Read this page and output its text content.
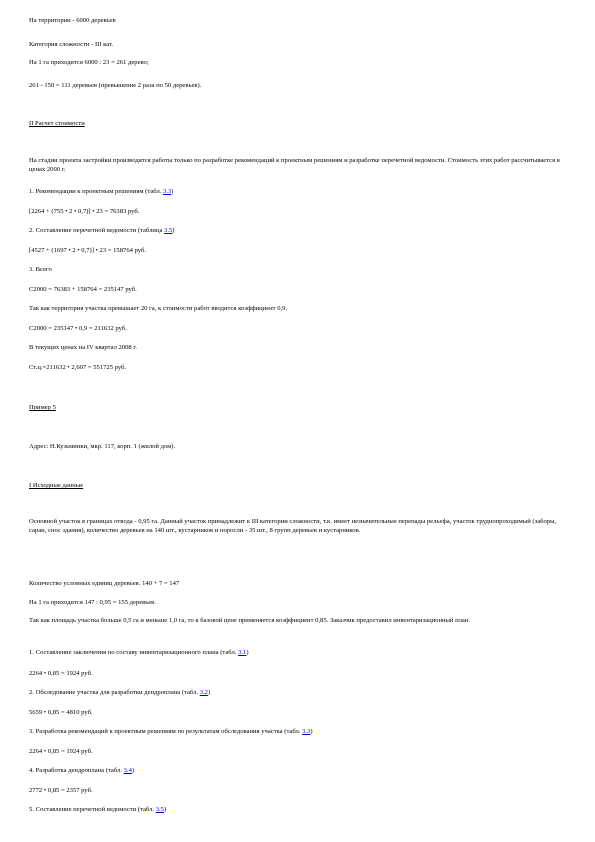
На территории - 6000 деревьев
Категория сложности - III кат.
На 1 га приходится 6000 : 23 = 261 дерево;
261 - 150 = 111 деревьев (превышение 2 раза по 50 деревьев).
II Расчет стоимости
На стадии проекта застройки производятся работы только по разработке рекомендаций к проектным решениям и разработке перечетной ведомости. Стоимость этих работ рассчитывается в ценах 2000 г.
1. Рекомендации к проектным решениям (табл. 3.3)
[2264 + (755 • 2 • 0,7)] • 23 = 76383 руб.
2. Составление перечетной ведомости (таблица 3.5)
[4527 + (1697 • 2 • 0,7)] • 23 = 158764 руб.
3. Всего
С2000 = 76383 + 158764 = 235147 руб.
Так как территория участка превышает 20 га, к стоимости работ вводится коэффициент 0,9.
С2000 = 235147 • 0,9 = 211632 руб.
В текущих ценах на IV квартал 2008 г.
Ст.ц.=211632 • 2,607 = 551725 руб.
Пример 5
Адрес: Н.Кузьминки, мкр. 117, корп. 1 (жилой дом).
I Исходные данные
Основной участок в границах отвода - 0,95 га. Данный участок принадлежит к III категории сложности, т.к. имеет незначительные перепады рельефа, участок труднопроходимый (заборы, сараи, снос здания), количество деревьев на 140 шт., кустарников и поросли - 35 шт., 8 групп деревьев и кустарников.
Количество условных единиц деревьев. 140 + 7 = 147
На 1 га приходится 147 : 0,95 = 155 деревьев.
Так как площадь участка больше 0,5 га и меньше 1,0 га, то к базовой цене применяется коэффициент 0,85. Заказчик предоставил инвентаризационный план.
1. Составление заключения по составу инвентаризационного плана (табл. 3.1)
2264 • 0,85 = 1924 руб.
2. Обследование участка для разработки дендроплана (табл. 3.2)
5659 • 0,85 = 4810 руб.
3. Разработка рекомендаций к проектным решениям по результатам обследования участка (табл. 3.3)
2264 • 0,85 = 1924 руб.
4. Разработка дендроплана (табл. 3.4)
2772 • 0,85 = 2357 руб.
5. Составление перечетной ведомости (табл. 3.5)
